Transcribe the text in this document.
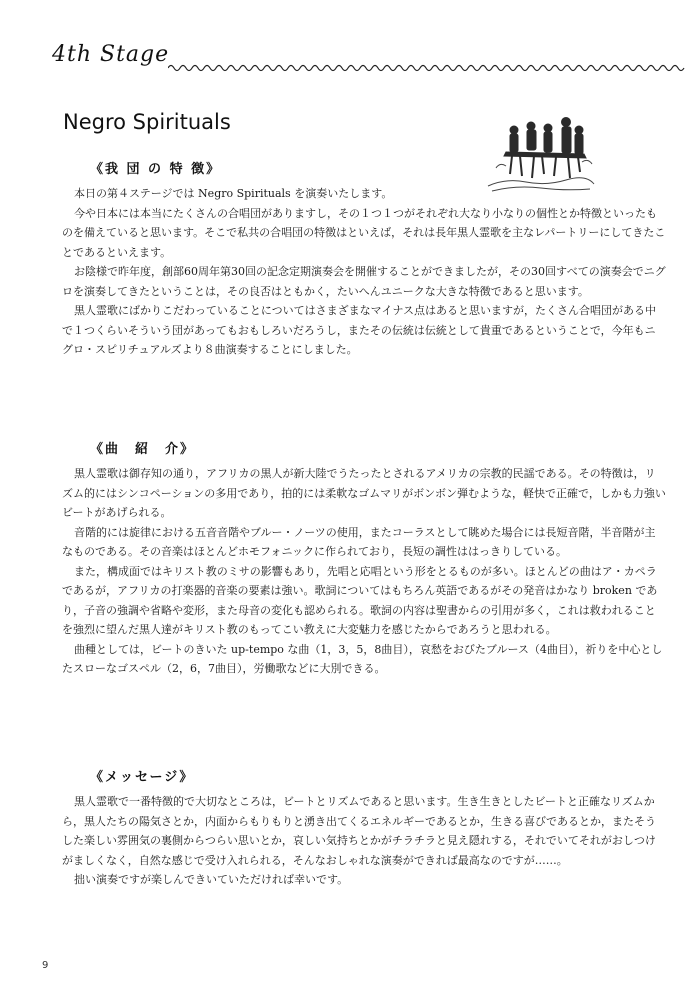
4th Stage
Negro Spirituals
《我 団 の 特 徴》

本日の第４ステージでは Negro Spirituals を演奏いたします。

今や日本には本当にたくさんの合唱団がありますし，その１つ１つがそれぞれ大なり小なりの個性とか特徴といったものを備えていると思います。そこで私共の合唱団の特徴はといえば，それは長年黒人霊歌を主なレパートリーにしてきたことであるといえます。

お陰様で昨年度，創部60周年第30回の記念定期演奏会を開催することができましたが，その30回すべての演奏会でニグロを演奏してきたということは，その良否はともかく，たいへんユニークな大きな特徴であると思います。

黒人霊歌にばかりこだわっていることについてはさまざまなマイナス点はあると思いますが，たくさん合唱団がある中で１つくらいそういう団があってもおもしろいだろうし，またその伝統は伝統として貴重であるということで，今年もニグロ・スピリチュアルズより８曲演奏することにしました。

《曲　紹　介》

黒人霊歌は御存知の通り，アフリカの黒人が新大陸でうたったとされるアメリカの宗教的民謡である。その特徴は，リズム的にはシンコペーションの多用であり，拍的には柔軟なゴムマリがボンボン弾むような，軽快で正確で，しかも力強いビートがあげられる。

音階的には旋律における五音音階やブルー・ノーツの使用，またコーラスとして眺めた場合には長短音階，半音階が主なものである。その音楽はほとんどホモフォニックに作られており，長短の調性ははっきりしている。

また，構成面ではキリスト教のミサの影響もあり，先唱と応唱という形をとるものが多い。ほとんどの曲はア・カペラであるが，アフリカの打楽器的音楽の要素は強い。歌詞についてはもちろん英語であるがその発音はかなり broken であり，子音の強調や省略や変形，また母音の変化も認められる。歌詞の内容は聖書からの引用が多く，これは救われることを強烈に望んだ黒人達がキリスト教のもってこい教えに大変魅力を感じたからであろうと思われる。

曲種としては，ビートのきいた up-tempo な曲（1，3，5，8曲目），哀愁をおびたブルース（4曲目），祈りを中心としたスローなゴスペル（2，6，7曲目），労働歌などに大別できる。

《メッセージ》

黒人霊歌で一番特徴的で大切なところは，ビートとリズムであると思います。生き生きとしたビートと正確なリズムから，黒人たちの陽気さとか，内面からもりもりと湧き出てくるエネルギーであるとか，生きる喜びであるとか，またそうした楽しい雰囲気の裏側からつらい思いとか，哀しい気持ちとかがチラチラと見え隠れする，それでいてそれがおしつけがましくなく，自然な感じで受け入れられる，そんなおしゃれな演奏ができれば最高なのですが……。

拙い演奏ですが楽しんできいていただければ幸いです。

9
